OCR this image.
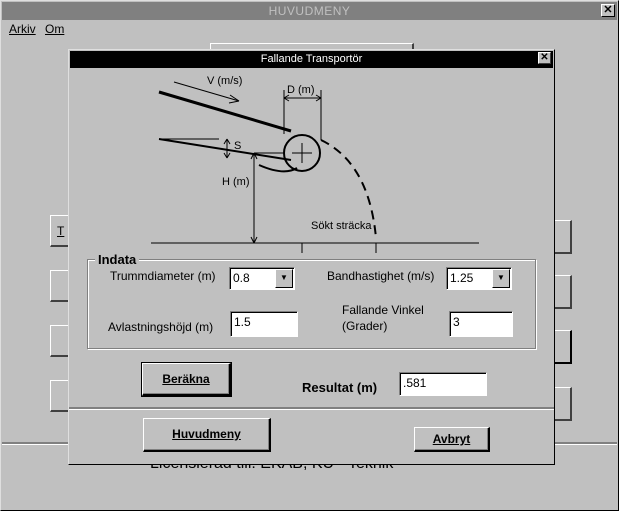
HUVUDMENY	✕
Arkiv Om
T
Fallande Transportör	✕
V (m/s)
D (m)
S
H (m)
Sökt sträcka
Indata
Trummdiameter (m)	0.8	▼	Bandhastighet (m/s)	1.25	▼
Avlastningshöjd (m)	1.5
Fallande Vinkel
(Grader)	3
Beräkna
Resultat (m)	.581
Huvudmeny	Avbryt
